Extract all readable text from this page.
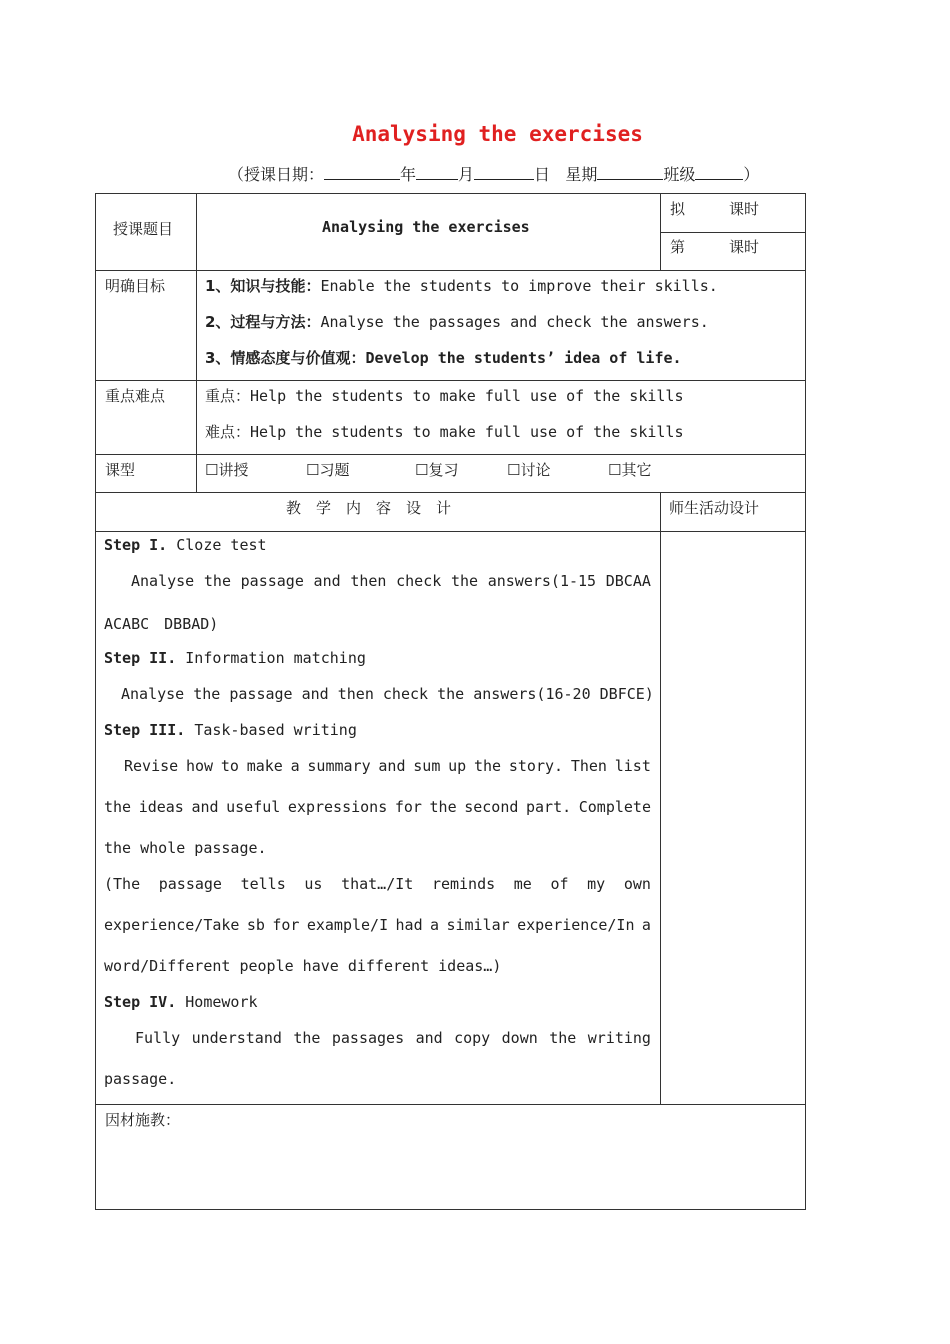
Analysing the exercises
（授课日期：	年	月	日 星期	班级	）
授课题目	Analysing the exercises
拟	课时
第	课时
明确目标	1、知识与技能：Enable the students to improve their skills.
2、过程与方法：Analyse the passages and check the answers.
3、情感态度与价值观：Develop the students’ idea of life.
重点难点	重点：Help the students to make full use of the skills
难点：Help the students to make full use of the skills
课型	☐讲授	☐习题	☐复习	☐讨论	☐其它
教　学　内　容　设　计	师生活动设计
Step I. Cloze test
Analyse the passage and then check the answers(1-15 DBCAA
ACABC　DBBAD)
Step II. Information matching
Analyse the passage and then check the answers(16-20 DBFCE)
Step III. Task-based writing
Revise how to make a summary and sum up the story. Then list
the ideas and useful expressions for the second part. Complete
the whole passage.
(The passage tells us that…/It reminds me of my own
experience/Take sb for example/I had a similar experience/In a
word/Different people have different ideas…)
Step IV. Homework
Fully understand the passages and copy down the writing
passage.
因材施教：
